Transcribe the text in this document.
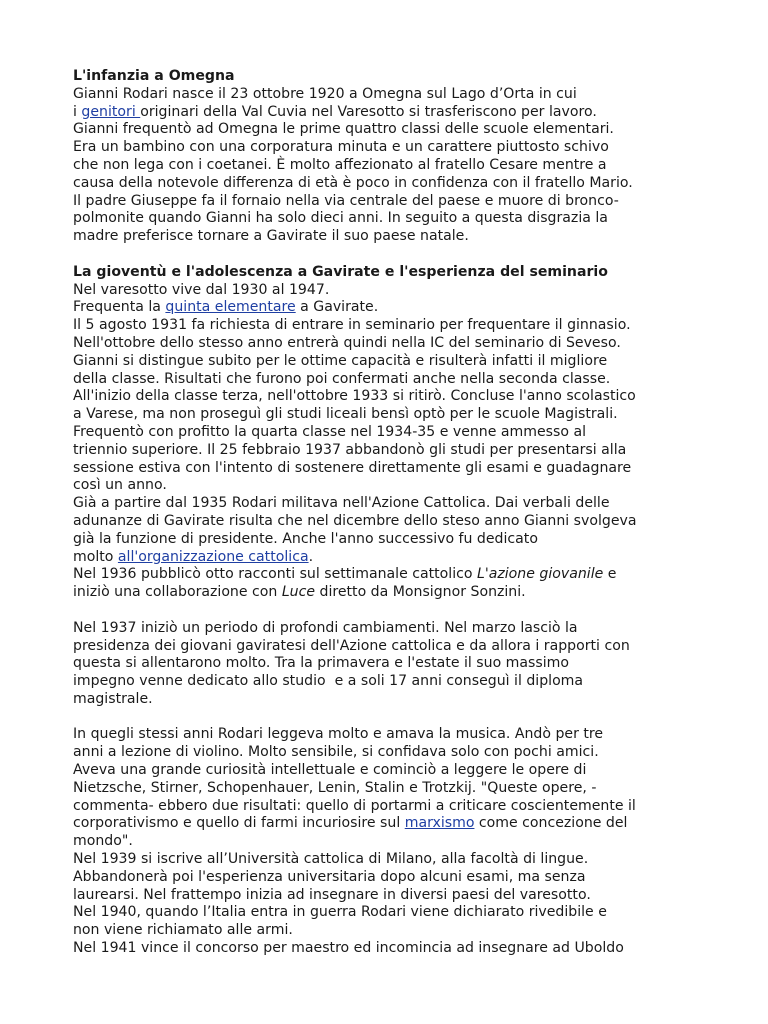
L'infanzia a Omegna
Gianni Rodari nasce il 23 ottobre 1920 a Omegna sul Lago d’Orta in cui
i genitori originari della Val Cuvia nel Varesotto si trasferiscono per lavoro.
Gianni frequentò ad Omegna le prime quattro classi delle scuole elementari.
Era un bambino con una corporatura minuta e un carattere piuttosto schivo
che non lega con i coetanei. È molto affezionato al fratello Cesare mentre a
causa della notevole differenza di età è poco in confidenza con il fratello Mario.
Il padre Giuseppe fa il fornaio nella via centrale del paese e muore di bronco-
polmonite quando Gianni ha solo dieci anni. In seguito a questa disgrazia la
madre preferisce tornare a Gavirate il suo paese natale.
La gioventù e l'adolescenza a Gavirate e l'esperienza del seminario
Nel varesotto vive dal 1930 al 1947.
Frequenta la quinta elementare a Gavirate.
Il 5 agosto 1931 fa richiesta di entrare in seminario per frequentare il ginnasio.
Nell'ottobre dello stesso anno entrerà quindi nella IC del seminario di Seveso.
Gianni si distingue subito per le ottime capacità e risulterà infatti il migliore
della classe. Risultati che furono poi confermati anche nella seconda classe.
All'inizio della classe terza, nell'ottobre 1933 si ritirò. Concluse l'anno scolastico
a Varese, ma non proseguì gli studi liceali bensì optò per le scuole Magistrali.
Frequentò con profitto la quarta classe nel 1934-35 e venne ammesso al
triennio superiore. Il 25 febbraio 1937 abbandonò gli studi per presentarsi alla
sessione estiva con l'intento di sostenere direttamente gli esami e guadagnare
così un anno.
Già a partire dal 1935 Rodari militava nell'Azione Cattolica. Dai verbali delle
adunanze di Gavirate risulta che nel dicembre dello steso anno Gianni svolgeva
già la funzione di presidente. Anche l'anno successivo fu dedicato
molto all'organizzazione cattolica.
Nel 1936 pubblicò otto racconti sul settimanale cattolico L'azione giovanile e
iniziò una collaborazione con Luce diretto da Monsignor Sonzini.
Nel 1937 iniziò un periodo di profondi cambiamenti. Nel marzo lasciò la
presidenza dei giovani gaviratesi dell'Azione cattolica e da allora i rapporti con
questa si allentarono molto. Tra la primavera e l'estate il suo massimo
impegno venne dedicato allo studio  e a soli 17 anni conseguì il diploma
magistrale.
In quegli stessi anni Rodari leggeva molto e amava la musica. Andò per tre
anni a lezione di violino. Molto sensibile, si confidava solo con pochi amici.
Aveva una grande curiosità intellettuale e cominciò a leggere le opere di
Nietzsche, Stirner, Schopenhauer, Lenin, Stalin e Trotzkij. "Queste opere, -
commenta- ebbero due risultati: quello di portarmi a criticare coscientemente il
corporativismo e quello di farmi incuriosire sul marxismo come concezione del
mondo".
Nel 1939 si iscrive all’Università cattolica di Milano, alla facoltà di lingue.
Abbandonerà poi l'esperienza universitaria dopo alcuni esami, ma senza
laurearsi. Nel frattempo inizia ad insegnare in diversi paesi del varesotto.
Nel 1940, quando l’Italia entra in guerra Rodari viene dichiarato rivedibile e
non viene richiamato alle armi.
Nel 1941 vince il concorso per maestro ed incomincia ad insegnare ad Uboldo
